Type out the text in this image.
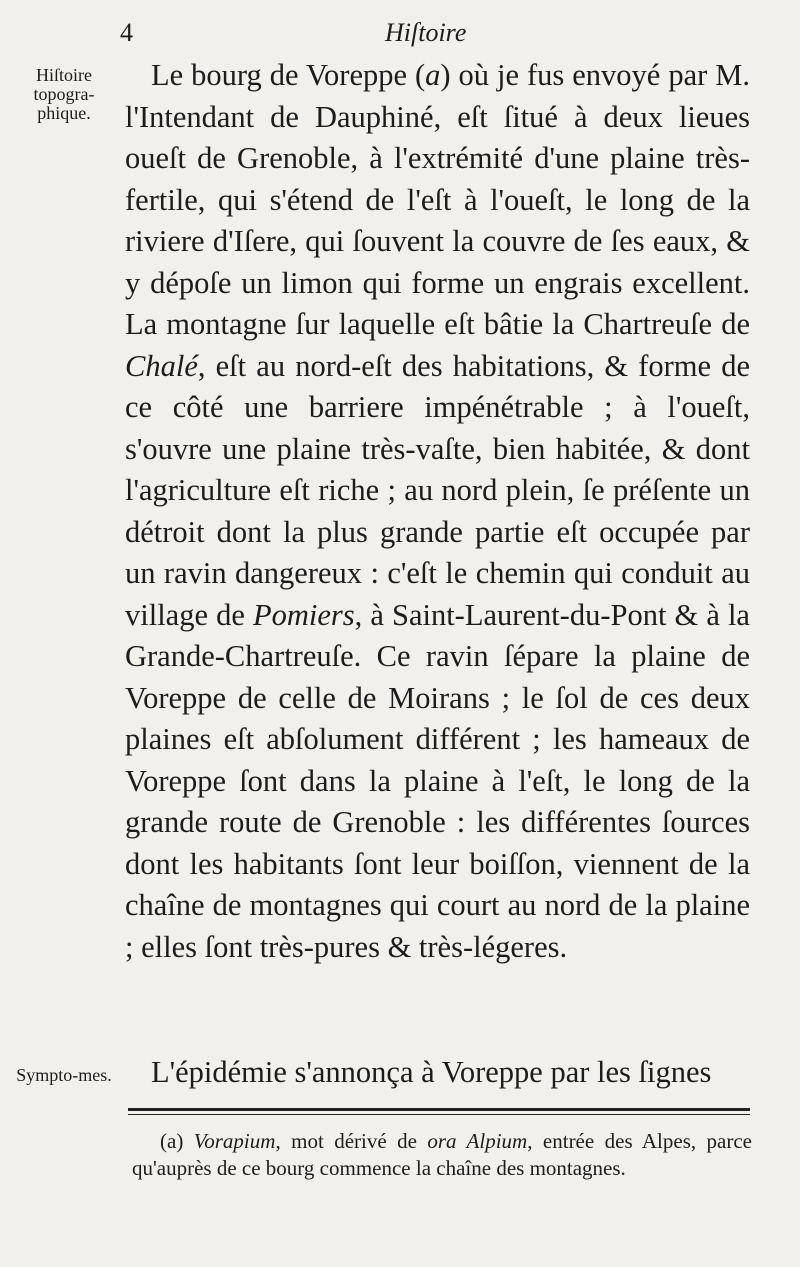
4	Hiſtoire
Hiſtoire topogra-phique.
Sympto-mes.

Le bourg de Voreppe (a) où je fus envoyé par M. l'Intendant de Dauphiné, eſt ſitué à deux lieues oueſt de Grenoble, à l'extrémité d'une plaine très-fertile, qui s'étend de l'eſt à l'oueſt, le long de la riviere d'Iſere, qui ſouvent la couvre de ſes eaux, & y dépoſe un limon qui forme un engrais excellent. La montagne ſur laquelle eſt bâtie la Chartreuſe de Chalé, eſt au nord-eſt des habitations, & forme de ce côté une barriere impénétrable ; à l'oueſt, s'ouvre une plaine très-vaſte, bien habitée, & dont l'agriculture eſt riche ; au nord plein, ſe préſente un détroit dont la plus grande partie eſt occupée par un ravin dangereux : c'eſt le chemin qui conduit au village de Pomiers, à Saint-Laurent-du-Pont & à la Grande-Chartreuſe. Ce ravin ſépare la plaine de Voreppe de celle de Moirans ; le ſol de ces deux plaines eſt abſolument différent ; les hameaux de Voreppe ſont dans la plaine à l'eſt, le long de la grande route de Grenoble : les différentes ſources dont les habitants ſont leur boiſſon, viennent de la chaîne de montagnes qui court au nord de la plaine ; elles ſont très-pures & très-légeres.

L'épidémie s'annonça à Voreppe par les ſignes

(a) Vorapium, mot dérivé de ora Alpium, entrée des Alpes, parce qu'auprès de ce bourg commence la chaîne des montagnes.
